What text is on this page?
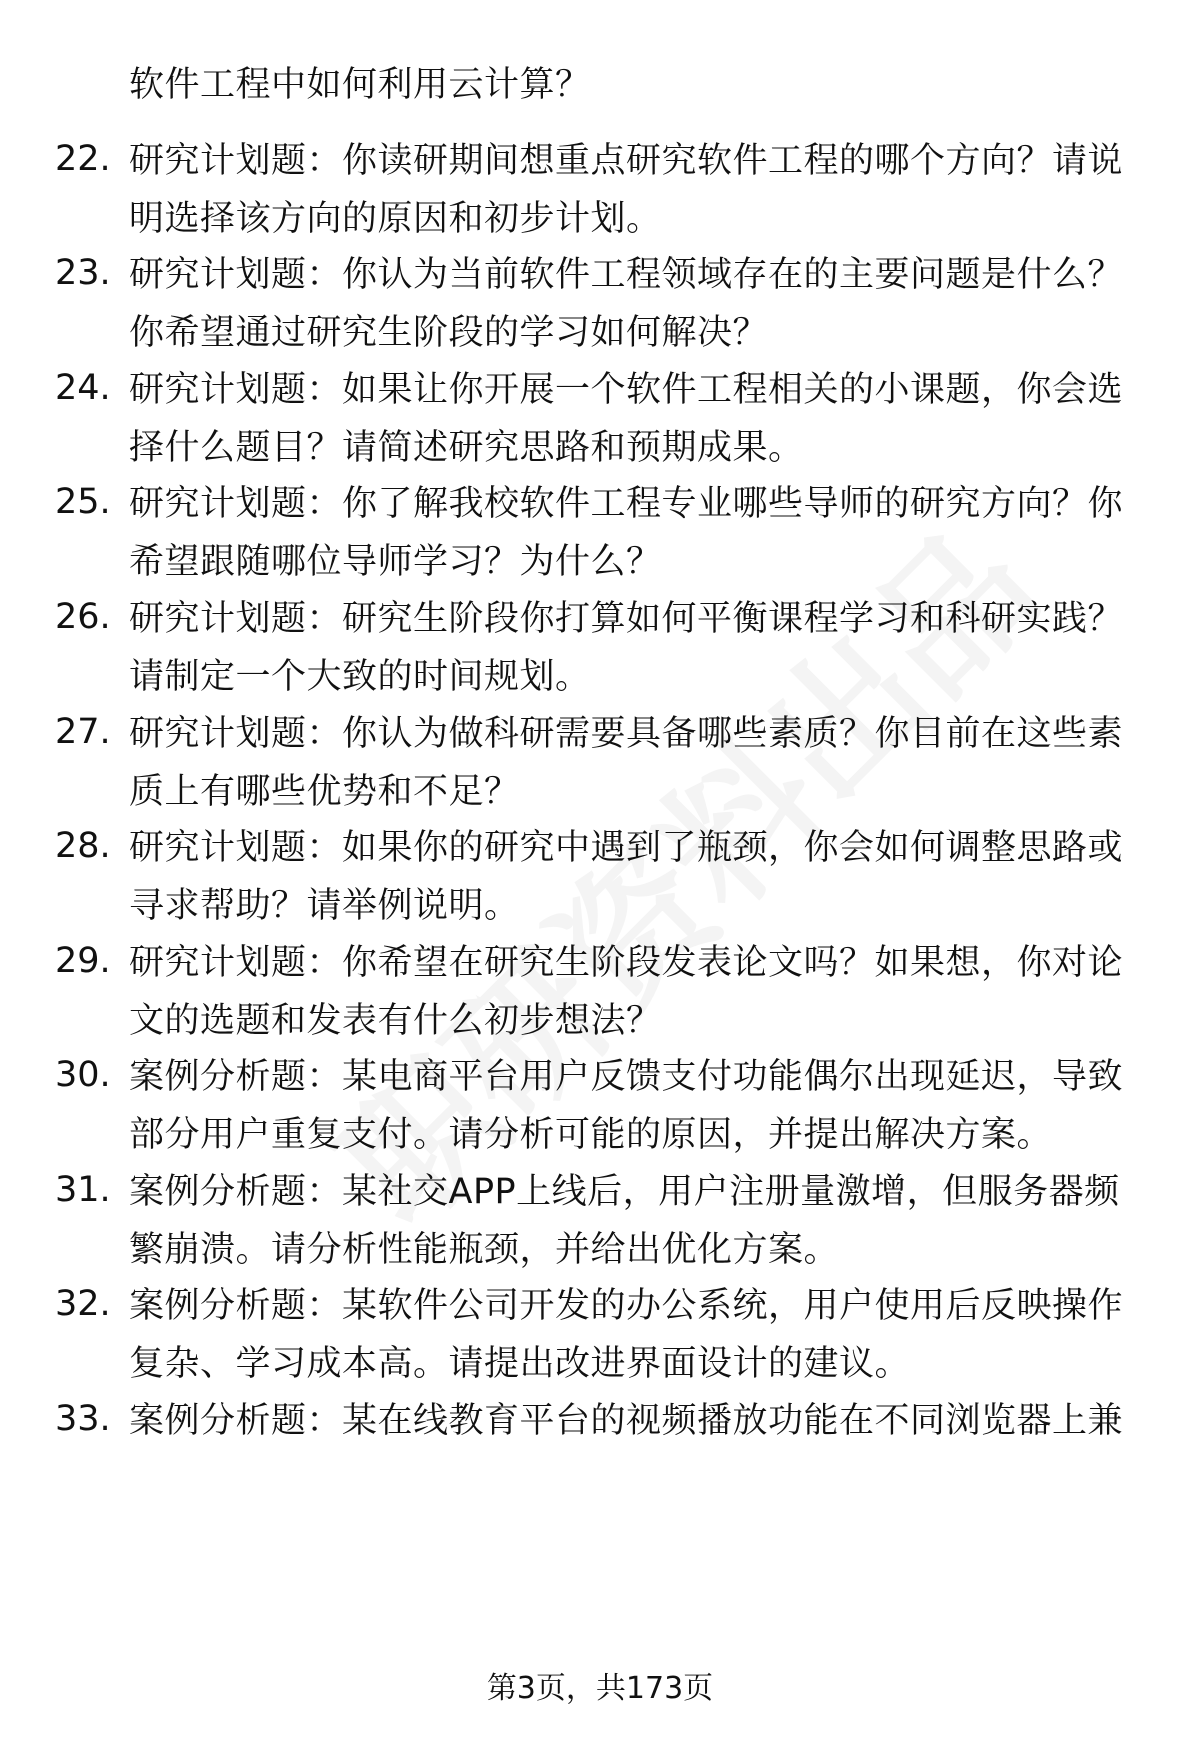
软件工程中如何利用云计算？
22. 研究计划题：你读研期间想重点研究软件工程的哪个方向？请说
明选择该方向的原因和初步计划。
23. 研究计划题：你认为当前软件工程领域存在的主要问题是什么？
你希望通过研究生阶段的学习如何解决？
24. 研究计划题：如果让你开展一个软件工程相关的小课题，你会选
择什么题目？请简述研究思路和预期成果。
25. 研究计划题：你了解我校软件工程专业哪些导师的研究方向？你
希望跟随哪位导师学习？为什么？
26. 研究计划题：研究生阶段你打算如何平衡课程学习和科研实践？
请制定一个大致的时间规划。
27. 研究计划题：你认为做科研需要具备哪些素质？你目前在这些素
质上有哪些优势和不足？
28. 研究计划题：如果你的研究中遇到了瓶颈，你会如何调整思路或
寻求帮助？请举例说明。
29. 研究计划题：你希望在研究生阶段发表论文吗？如果想，你对论
文的选题和发表有什么初步想法？
30. 案例分析题：某电商平台用户反馈支付功能偶尔出现延迟，导致
部分用户重复支付。请分析可能的原因，并提出解决方案。
31. 案例分析题：某社交APP上线后，用户注册量激增，但服务器频
繁崩溃。请分析性能瓶颈，并给出优化方案。
32. 案例分析题：某软件公司开发的办公系统，用户使用后反映操作
复杂、学习成本高。请提出改进界面设计的建议。
33. 案例分析题：某在线教育平台的视频播放功能在不同浏览器上兼
第3页，共173页
